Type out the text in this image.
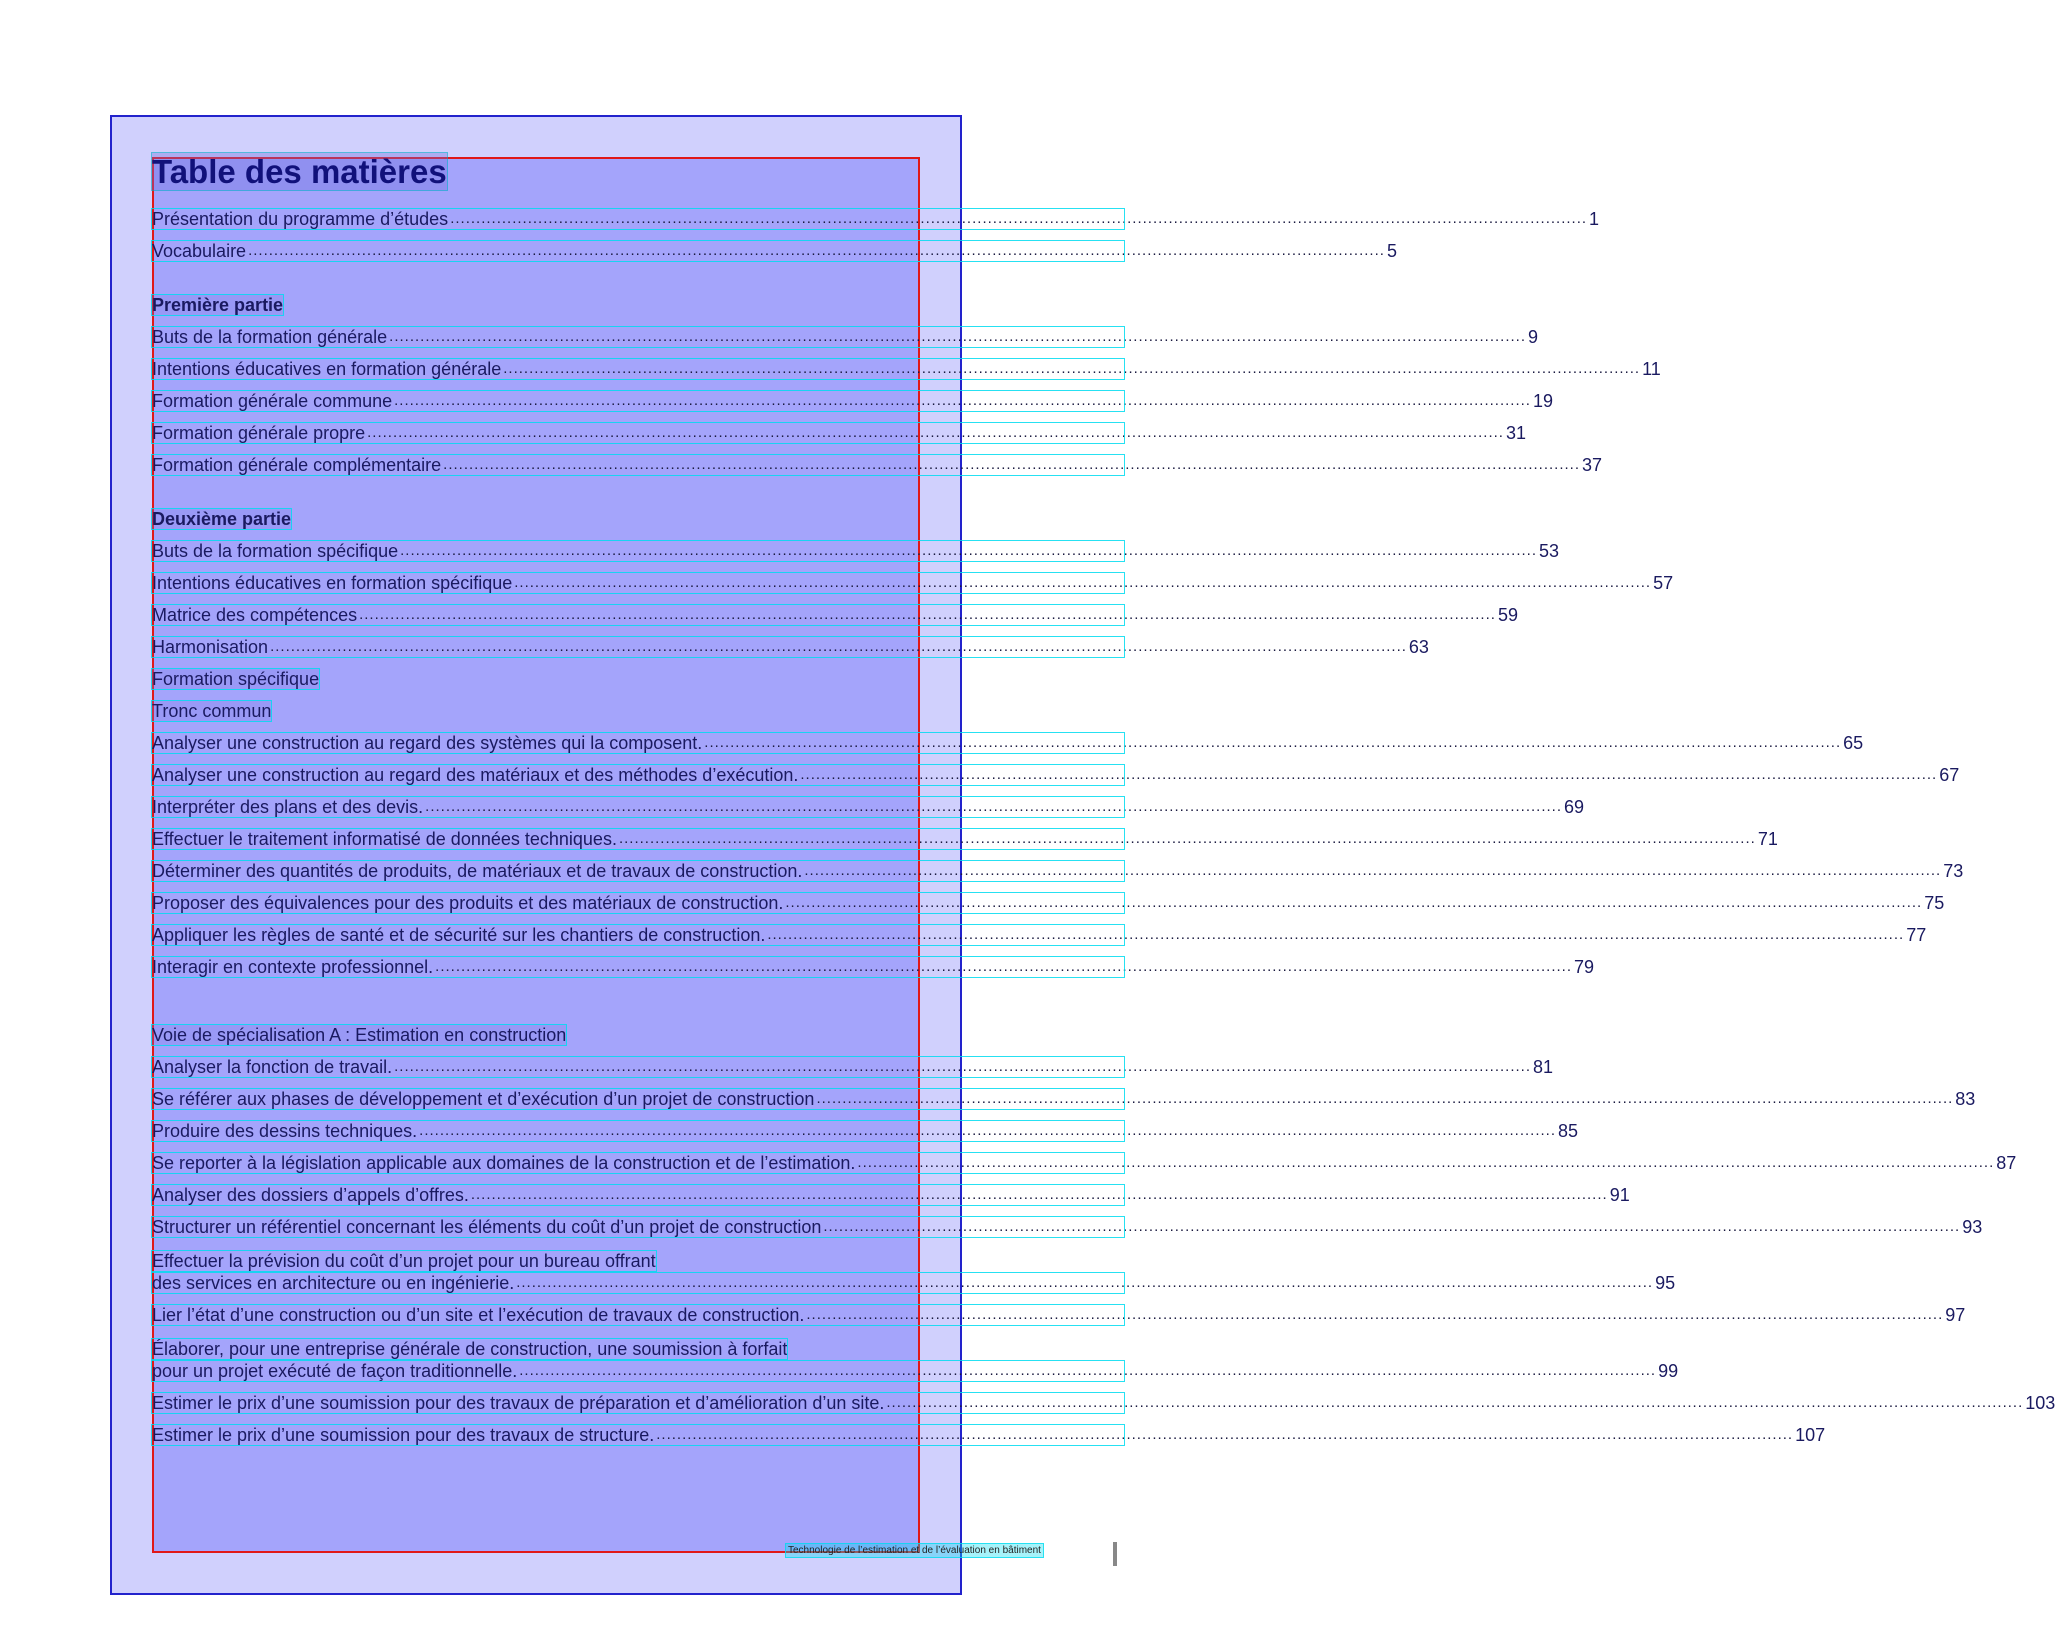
Table des matières
Présentation du programme d’études ............................................................................................................................................................................................................................ 1
Vocabulaire ............................................................................................................................................................................................................................ 5
Première partie
Buts de la formation générale ............................................................................................................................................................................................................................ 9
Intentions éducatives en formation générale ............................................................................................................................................................................................................................ 11
Formation générale commune ............................................................................................................................................................................................................................ 19
Formation générale propre ............................................................................................................................................................................................................................ 31
Formation générale complémentaire ............................................................................................................................................................................................................................ 37
Deuxième partie
Buts de la formation spécifique ............................................................................................................................................................................................................................ 53
Intentions éducatives en formation spécifique ............................................................................................................................................................................................................................ 57
Matrice des compétences ............................................................................................................................................................................................................................ 59
Harmonisation ............................................................................................................................................................................................................................ 63
Formation spécifique
Tronc commun
Analyser une construction au regard des systèmes qui la composent. ............................................................................................................................................................................................................................ 65
Analyser une construction au regard des matériaux et des méthodes d’exécution. ............................................................................................................................................................................................................................ 67
Interpréter des plans et des devis. ............................................................................................................................................................................................................................ 69
Effectuer le traitement informatisé de données techniques. ............................................................................................................................................................................................................................ 71
Déterminer des quantités de produits, de matériaux et de travaux de construction. ............................................................................................................................................................................................................................ 73
Proposer des équivalences pour des produits et des matériaux de construction. ............................................................................................................................................................................................................................ 75
Appliquer les règles de santé et de sécurité sur les chantiers de construction. ............................................................................................................................................................................................................................ 77
Interagir en contexte professionnel. ............................................................................................................................................................................................................................ 79
Voie de spécialisation A : Estimation en construction
Analyser la fonction de travail. ............................................................................................................................................................................................................................ 81
Se référer aux phases de développement et d’exécution d’un projet de construction ............................................................................................................................................................................................................................ 83
Produire des dessins techniques. ............................................................................................................................................................................................................................ 85
Se reporter à la législation applicable aux domaines de la construction et de l’estimation. ............................................................................................................................................................................................................................ 87
Analyser des dossiers d’appels d’offres. ............................................................................................................................................................................................................................ 91
Structurer un référentiel concernant les éléments du coût d’un projet de construction ............................................................................................................................................................................................................................ 93
Effectuer la prévision du coût d’un projet pour un bureau offrant
des services en architecture ou en ingénierie. ............................................................................................................................................................................................................................ 95
Lier l’état d’une construction ou d’un site et l’exécution de travaux de construction. ............................................................................................................................................................................................................................ 97
Élaborer, pour une entreprise générale de construction, une soumission à forfait
pour un projet exécuté de façon traditionnelle. ............................................................................................................................................................................................................................ 99
Estimer le prix d’une soumission pour des travaux de préparation et d’amélioration d’un site. ............................................................................................................................................................................................................................ 103
Estimer le prix d’une soumission pour des travaux de structure. ............................................................................................................................................................................................................................ 107
Technologie de l’estimation et de l’évaluation en bâtiment
